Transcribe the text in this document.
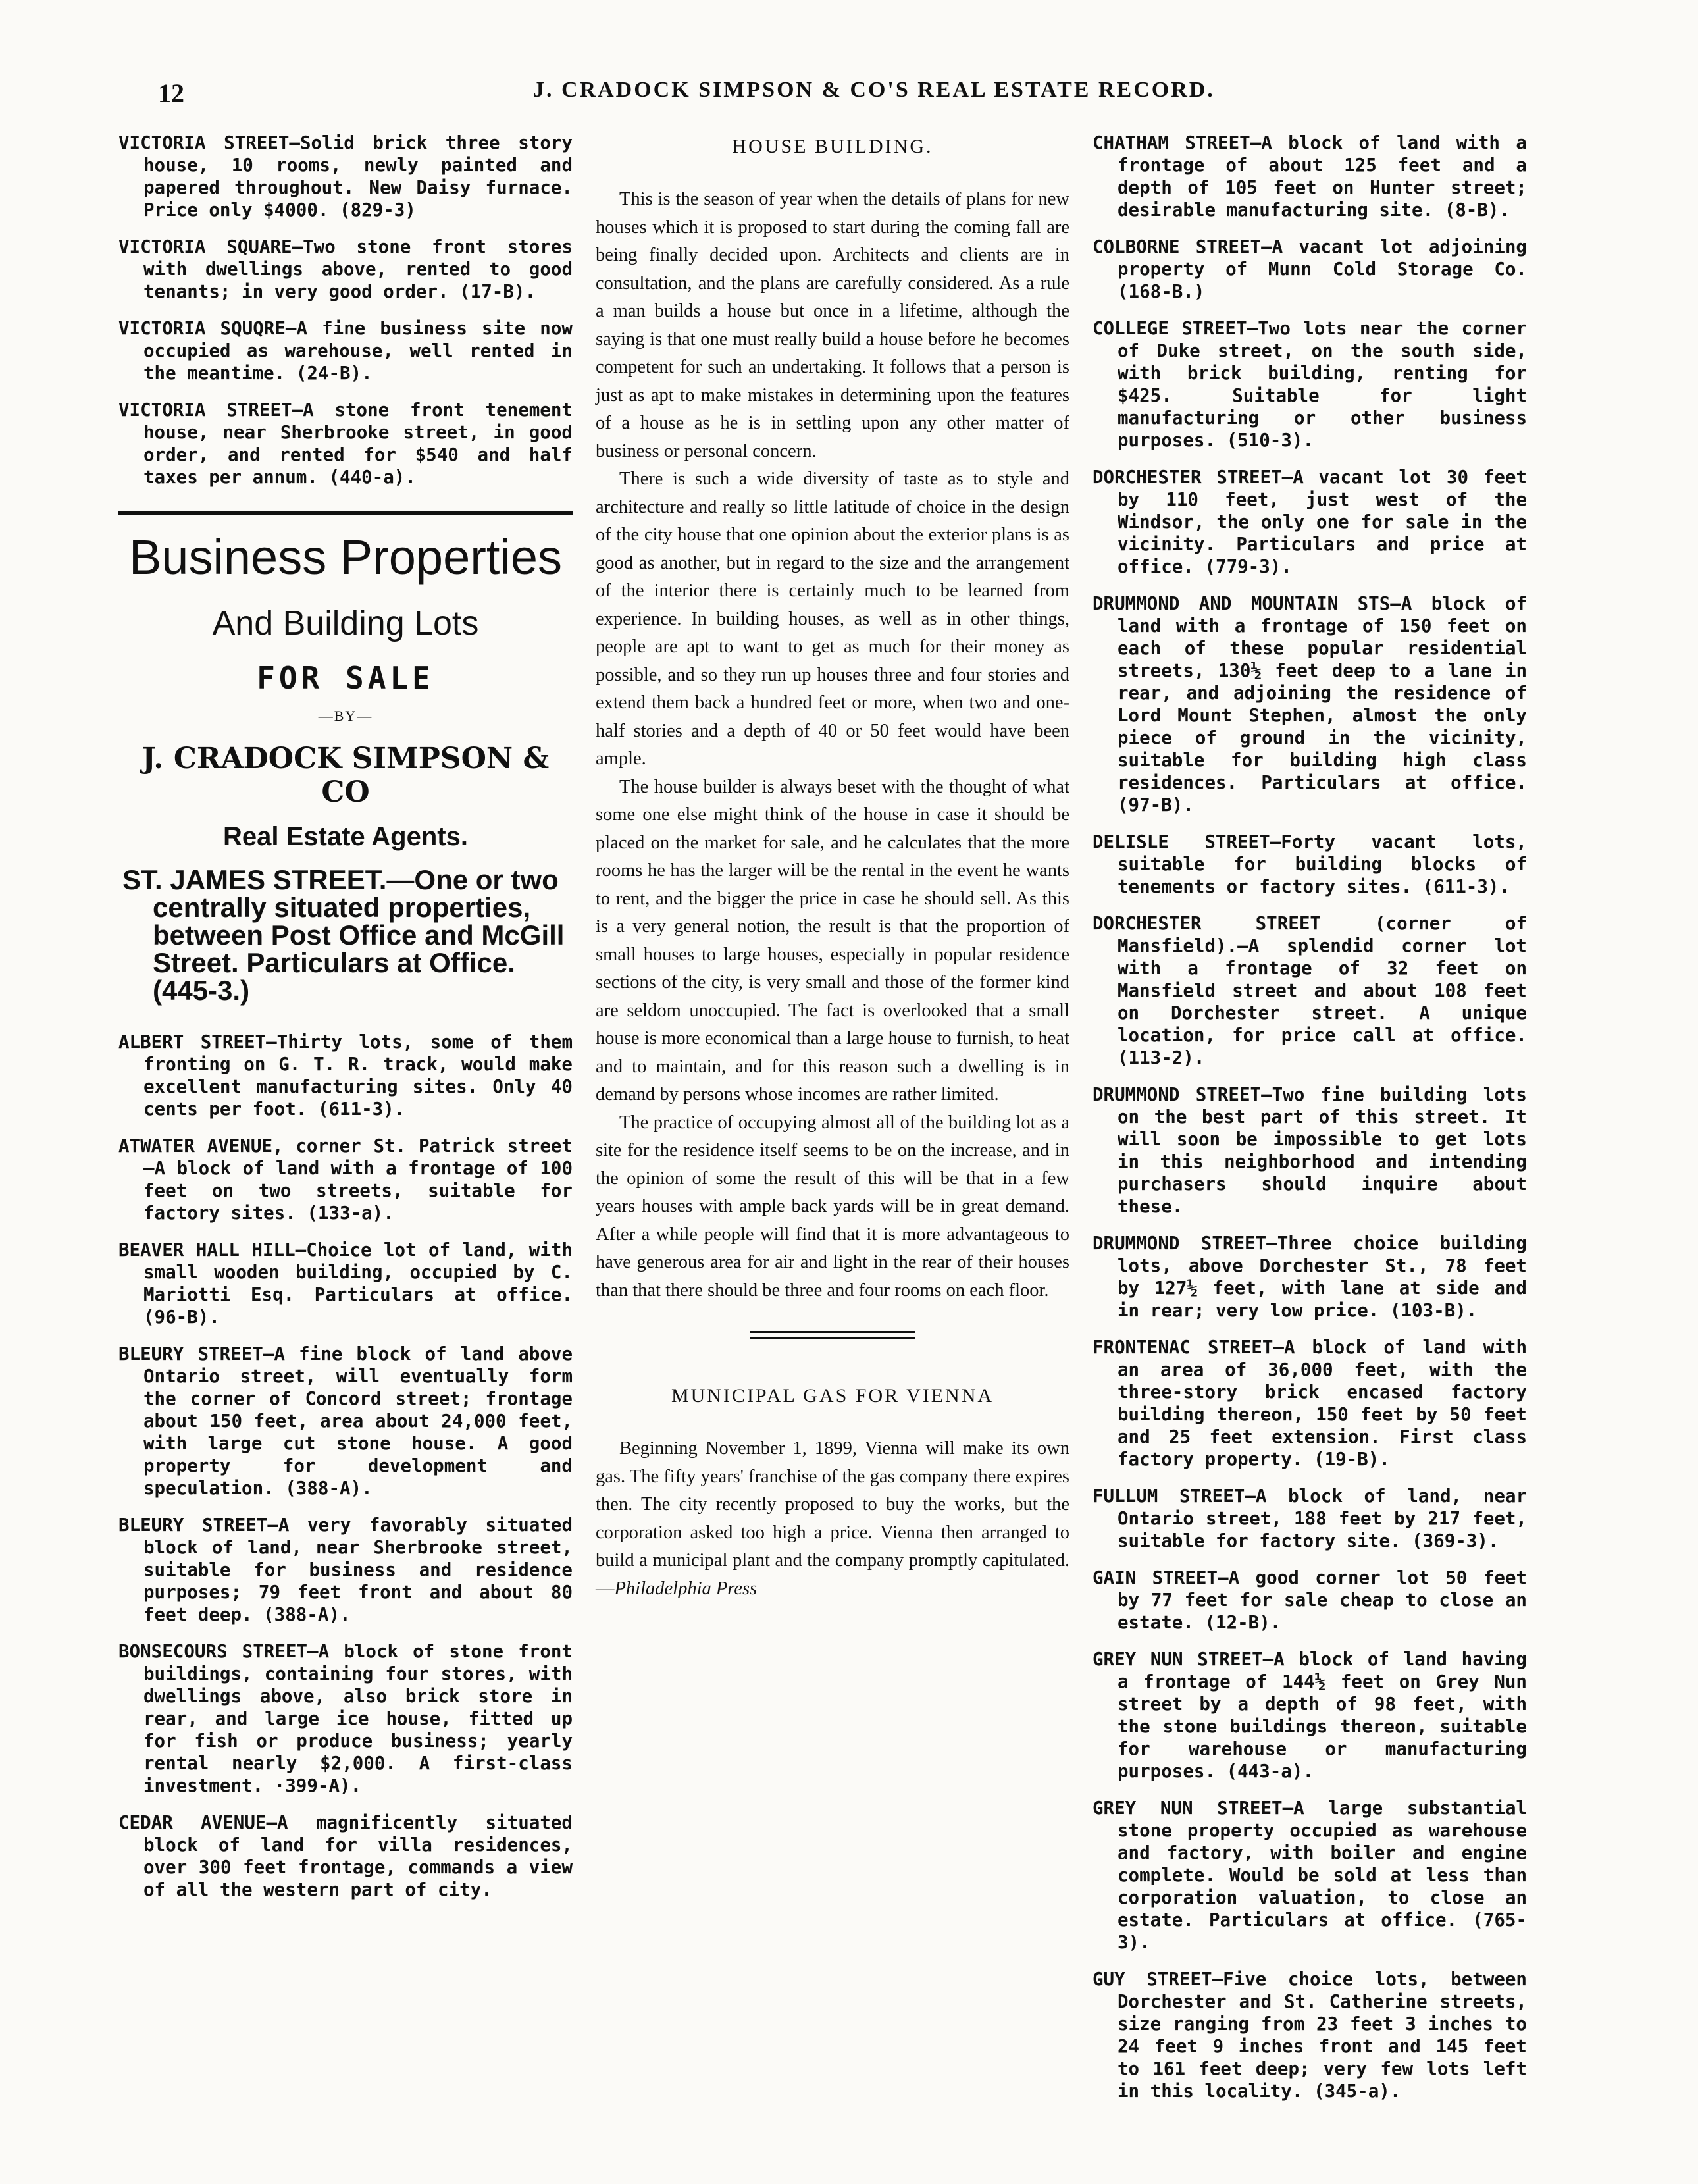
12	J. CRADOCK SIMPSON & CO'S REAL ESTATE RECORD.
VICTORIA STREET—Solid brick three story house, 10 rooms, newly painted and papered throughout. New Daisy furnace. Price only $4000. (829-3)
VICTORIA SQUARE—Two stone front stores with dwellings above, rented to good tenants; in very good order. (17-B).
VICTORIA SQUQRE—A fine business site now occupied as warehouse, well rented in the meantime. (24-B).
VICTORIA STREET—A stone front tenement house, near Sherbrooke street, in good order, and rented for $540 and half taxes per annum. (440-a).
Business Properties
And Building Lots
FOR SALE
—BY—
J. CRADOCK SIMPSON & CO
Real Estate Agents.
ST. JAMES STREET.—One or two centrally situated properties, between Post Office and McGill Street. Particulars at Office. (445-3.)
ALBERT STREET—Thirty lots, some of them fronting on G. T. R. track, would make excellent manufacturing sites. Only 40 cents per foot. (611-3).
ATWATER AVENUE, corner St. Patrick street—A block of land with a frontage of 100 feet on two streets, suitable for factory sites. (133-a).
BEAVER HALL HILL—Choice lot of land, with small wooden building, occupied by C. Mariotti Esq. Particulars at office. (96-B).
BLEURY STREET—A fine block of land above Ontario street, will eventually form the corner of Concord street; frontage about 150 feet, area about 24,000 feet, with large cut stone house. A good property for development and speculation. (388-A).
BLEURY STREET—A very favorably situated block of land, near Sherbrooke street, suitable for business and residence purposes; 79 feet front and about 80 feet deep. (388-A).
BONSECOURS STREET—A block of stone front buildings, containing four stores, with dwellings above, also brick store in rear, and large ice house, fitted up for fish or produce business; yearly rental nearly $2,000. A first-class investment. ·399-A).
CEDAR AVENUE—A magnificently situated block of land for villa residences, over 300 feet frontage, commands a view of all the western part of city.
HOUSE BUILDING.

This is the season of year when the details of plans for new houses which it is proposed to start during the coming fall are being finally decided upon. Architects and clients are in consultation, and the plans are carefully considered. As a rule a man builds a house but once in a lifetime, although the saying is that one must really build a house before he becomes competent for such an undertaking. It follows that a person is just as apt to make mistakes in determining upon the features of a house as he is in settling upon any other matter of business or personal concern.

There is such a wide diversity of taste as to style and architecture and really so little latitude of choice in the design of the city house that one opinion about the exterior plans is as good as another, but in regard to the size and the arrangement of the interior there is certainly much to be learned from experience. In building houses, as well as in other things, people are apt to want to get as much for their money as possible, and so they run up houses three and four stories and extend them back a hundred feet or more, when two and one-half stories and a depth of 40 or 50 feet would have been ample.

The house builder is always beset with the thought of what some one else might think of the house in case it should be placed on the market for sale, and he calculates that the more rooms he has the larger will be the rental in the event he wants to rent, and the bigger the price in case he should sell. As this is a very general notion, the result is that the proportion of small houses to large houses, especially in popular residence sections of the city, is very small and those of the former kind are seldom unoccupied. The fact is overlooked that a small house is more economical than a large house to furnish, to heat and to maintain, and for this reason such a dwelling is in demand by persons whose incomes are rather limited.

The practice of occupying almost all of the building lot as a site for the residence itself seems to be on the increase, and in the opinion of some the result of this will be that in a few years houses with ample back yards will be in great demand. After a while people will find that it is more advantageous to have generous area for air and light in the rear of their houses than that there should be three and four rooms on each floor.

MUNICIPAL GAS FOR VIENNA

Beginning November 1, 1899, Vienna will make its own gas. The fifty years' franchise of the gas company there expires then. The city recently proposed to buy the works, but the corporation asked too high a price. Vienna then arranged to build a municipal plant and the company promptly capitulated.—Philadelphia Press

CHATHAM STREET—A block of land with a frontage of about 125 feet and a depth of 105 feet on Hunter street; desirable manufacturing site. (8-B).
COLBORNE STREET—A vacant lot adjoining property of Munn Cold Storage Co. (168-B.)
COLLEGE STREET—Two lots near the corner of Duke street, on the south side, with brick building, renting for $425. Suitable for light manufacturing or other business purposes. (510-3).
DORCHESTER STREET—A vacant lot 30 feet by 110 feet, just west of the Windsor, the only one for sale in the vicinity. Particulars and price at office. (779-3).
DRUMMOND AND MOUNTAIN STS—A block of land with a frontage of 150 feet on each of these popular residential streets, 130½ feet deep to a lane in rear, and adjoining the residence of Lord Mount Stephen, almost the only piece of ground in the vicinity, suitable for building high class residences. Particulars at office. (97-B).
DELISLE STREET—Forty vacant lots, suitable for building blocks of tenements or factory sites. (611-3).
DORCHESTER STREET (corner of Mansfield).—A splendid corner lot with a frontage of 32 feet on Mansfield street and about 108 feet on Dorchester street. A unique location, for price call at office. (113-2).
DRUMMOND STREET—Two fine building lots on the best part of this street. It will soon be impossible to get lots in this neighborhood and intending purchasers should inquire about these.
DRUMMOND STREET—Three choice building lots, above Dorchester St., 78 feet by 127½ feet, with lane at side and in rear; very low price. (103-B).
FRONTENAC STREET—A block of land with an area of 36,000 feet, with the three-story brick encased factory building thereon, 150 feet by 50 feet and 25 feet extension. First class factory property. (19-B).
FULLUM STREET—A block of land, near Ontario street, 188 feet by 217 feet, suitable for factory site. (369-3).
GAIN STREET—A good corner lot 50 feet by 77 feet for sale cheap to close an estate. (12-B).
GREY NUN STREET—A block of land having a frontage of 144½ feet on Grey Nun street by a depth of 98 feet, with the stone buildings thereon, suitable for warehouse or manufacturing purposes. (443-a).
GREY NUN STREET—A large substantial stone property occupied as warehouse and factory, with boiler and engine complete. Would be sold at less than corporation valuation, to close an estate. Particulars at office. (765-3).
GUY STREET—Five choice lots, between Dorchester and St. Catherine streets, size ranging from 23 feet 3 inches to 24 feet 9 inches front and 145 feet to 161 feet deep; very few lots left in this locality. (345-a).
